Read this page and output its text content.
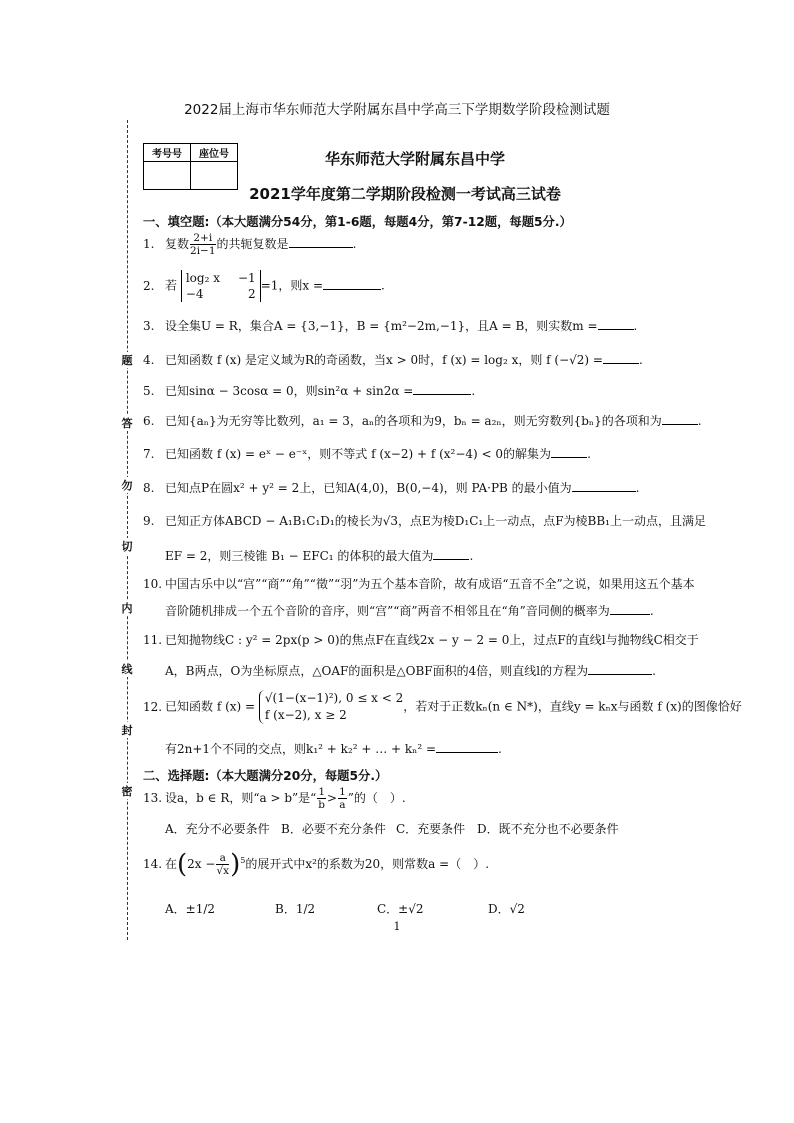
2022届上海市华东师范大学附属东昌中学高三下学期数学阶段检测试题
题
答
勿
切
内
线
封
密
考号号	座位号
		华东师范大学附属东昌中学
2021学年度第二学期阶段检测一考试高三试卷
一、填空题:（本大题满分54分，第1-6题，每题4分，第7-12题，每题5分.）
1. 复数 $\frac{2+i}{2i-1}$ 的共轭复数是	.
2. 若
log₂ x −1
−4	2
=1，则x =	.
3. 设全集U = R，集合A = {3,−1}，B = {m²−2m,−1}，且A = B，则实数m =	.
4. 已知函数 f (x) 是定义域为R的奇函数，当x > 0时，f (x) = log₂ x，则 f (−√2) =	.
5. 已知sinα − 3cosα = 0，则sin²α + sin2α =	.
6. 已知{aₙ}为无穷等比数列，a₁ = 3，aₙ的各项和为9，bₙ = a₂ₙ，则无穷数列{bₙ}的各项和为	.
7. 已知函数 f (x) = eˣ − e⁻ˣ，则不等式 f (x−2) + f (x²−4) < 0的解集为	.
8. 已知点P在圆x² + y² = 2上，已知A(4,0)，B(0,−4)，则 PA·PB 的最小值为	.
9. 已知正方体ABCD − A₁B₁C₁D₁的棱长为√3，点E为棱D₁C₁上一动点，点F为棱BB₁上一动点，且满足
EF = 2，则三棱锥 B₁ − EFC₁ 的体积的最大值为	.
10. 中国古乐中以“宫”“商”“角”“徵”“羽”为五个基本音阶，故有成语“五音不全”之说，如果用这五个基本
音阶随机排成一个五个音阶的音序，则“宫”“商”两音不相邻且在“角”音同侧的概率为	.
11. 已知抛物线C : y² = 2px(p > 0)的焦点F在直线2x − y − 2 = 0上，过点F的直线l与抛物线C相交于
A，B两点，O为坐标原点，△OAF的面积是△OBF面积的4倍，则直线l的方程为	.
12. 已知函数 f (x) = √(1−(x−1)²), 0 ≤ x < 2
f (x−2), x ≥ 2，若对于正数kₙ(n ∈ N*)，直线y = kₙx与函数 f (x)的图像恰好
有2n+1个不同的交点，则k₁² + k₂² + … + kₙ² =	.
二、选择题:（本大题满分20分，每题5分.）
13. 设a，b ∈ R，则“a > b”是“ $\frac{1}{b} > \frac{1}{a}$ ”的（　）.
A．充分不必要条件 B．必要不充分条件 C．充要条件 D．既不充分也不必要条件
14. 在$(2x - \frac{a}{√x} )^5$的展开式中x²的系数为20，则常数a =（　）.
A．±1/2	B．1/2	C．±√2	D．√2
1
